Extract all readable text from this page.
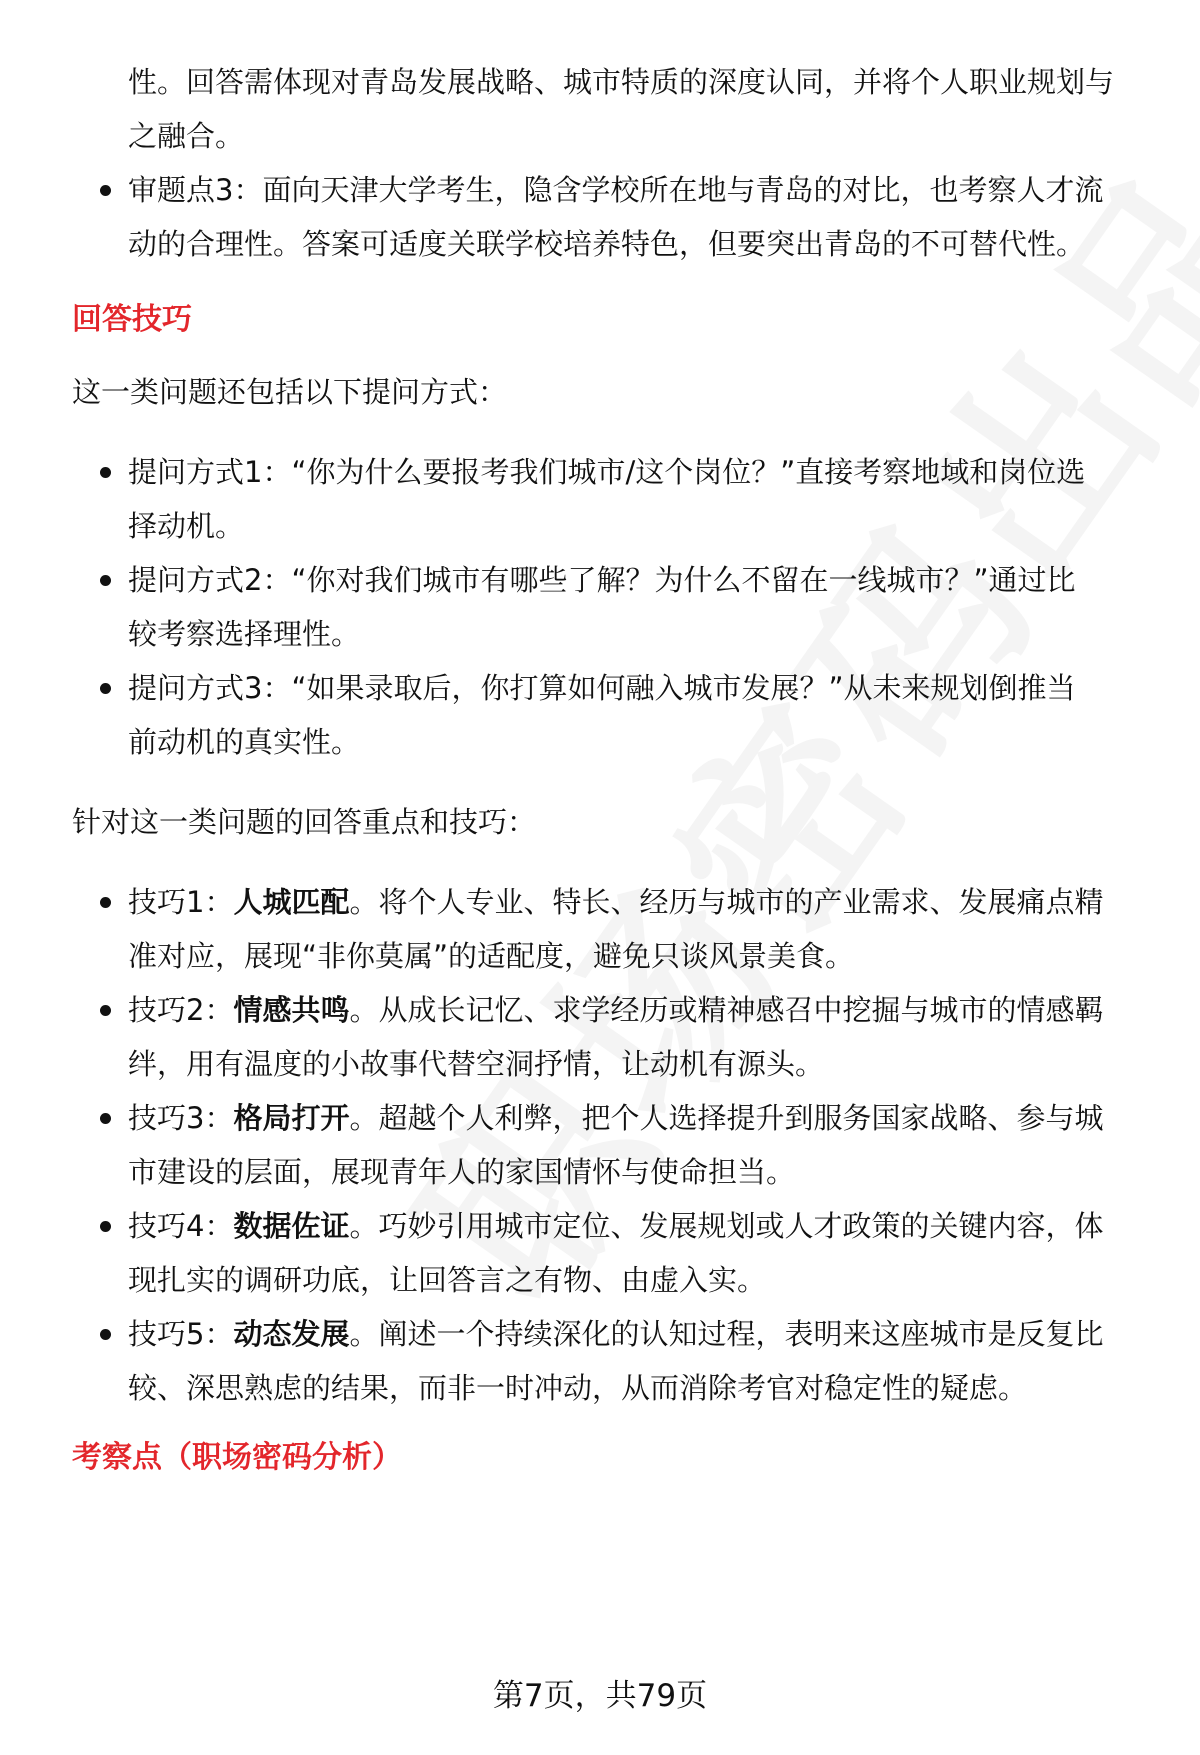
性。回答需体现对青岛发展战略、城市特质的深度认同，并将个人职业规划与
之融合。
审题点3：面向天津大学考生，隐含学校所在地与青岛的对比，也考察人才流
动的合理性。答案可适度关联学校培养特色，但要突出青岛的不可替代性。
回答技巧
这一类问题还包括以下提问方式：
提问方式1：“你为什么要报考我们城市/这个岗位？”直接考察地域和岗位选
择动机。
提问方式2：“你对我们城市有哪些了解？为什么不留在一线城市？”通过比
较考察选择理性。
提问方式3：“如果录取后，你打算如何融入城市发展？”从未来规划倒推当
前动机的真实性。
针对这一类问题的回答重点和技巧：
技巧1：人城匹配。将个人专业、特长、经历与城市的产业需求、发展痛点精
准对应，展现“非你莫属”的适配度，避免只谈风景美食。
技巧2：情感共鸣。从成长记忆、求学经历或精神感召中挖掘与城市的情感羁
绊，用有温度的小故事代替空洞抒情，让动机有源头。
技巧3：格局打开。超越个人利弊，把个人选择提升到服务国家战略、参与城
市建设的层面，展现青年人的家国情怀与使命担当。
技巧4：数据佐证。巧妙引用城市定位、发展规划或人才政策的关键内容，体
现扎实的调研功底，让回答言之有物、由虚入实。
技巧5：动态发展。阐述一个持续深化的认知过程，表明来这座城市是反复比
较、深思熟虑的结果，而非一时冲动，从而消除考官对稳定性的疑虑。
考察点（职场密码分析）
第7页，共79页
